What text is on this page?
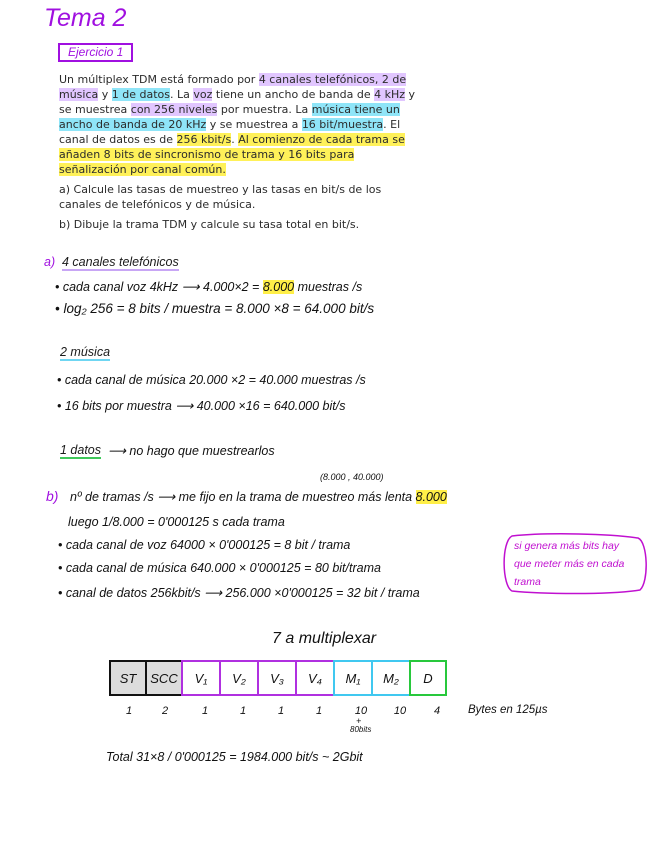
Tema 2
Ejercicio 1

Un múltiplex TDM está formado por 4 canales telefónicos, 2 de música y 1 de datos. La voz tiene un ancho de banda de 4 kHz y se muestrea con 256 niveles por muestra. La música tiene un ancho de banda de 20 kHz y se muestrea a 16 bit/muestra. El canal de datos es de 256 kbit/s. Al comienzo de cada trama se añaden 8 bits de sincronismo de trama y 16 bits para señalización por canal común.

a) Calcule las tasas de muestreo y las tasas en bit/s de los canales de telefónicos y de música.

b) Dibuje la trama TDM y calcule su tasa total en bit/s.

a) 4 canales telefónicos
• cada canal voz 4kHz ⟶ 4.000×2 = 8.000 muestras /s
• log₂ 256 = 8 bits / muestra = 8.000 ×8 = 64.000 bit/s
2 música
• cada canal de música 20.000 ×2 = 40.000 muestras /s
• 16 bits por muestra ⟶ 40.000 ×16 = 640.000 bit/s
1 datos ⟶ no hago que muestrearlos
(8.000 , 40.000)
b) nº de tramas /s ⟶ me fijo en la trama de muestreo más lenta 8.000
luego 1/8.000 = 0'000125 s cada trama
• cada canal de voz 64000 × 0'000125 = 8 bit / trama
• cada canal de música 640.000 × 0'000125 = 80 bit/trama
• canal de datos 256kbit/s ⟶ 256.000 ×0'000125 = 32 bit / trama
si genera más bits hay
que meter más en cada
trama
7 a multiplexar
ST	SCC	V₁	V₂	V₃	V₄	M₁	M₂	D
1	2	1	1	1	1	10	10	4
+
80bits
Bytes en 125µs
Total 31×8 / 0'000125 = 1984.000 bit/s ~ 2Gbit
